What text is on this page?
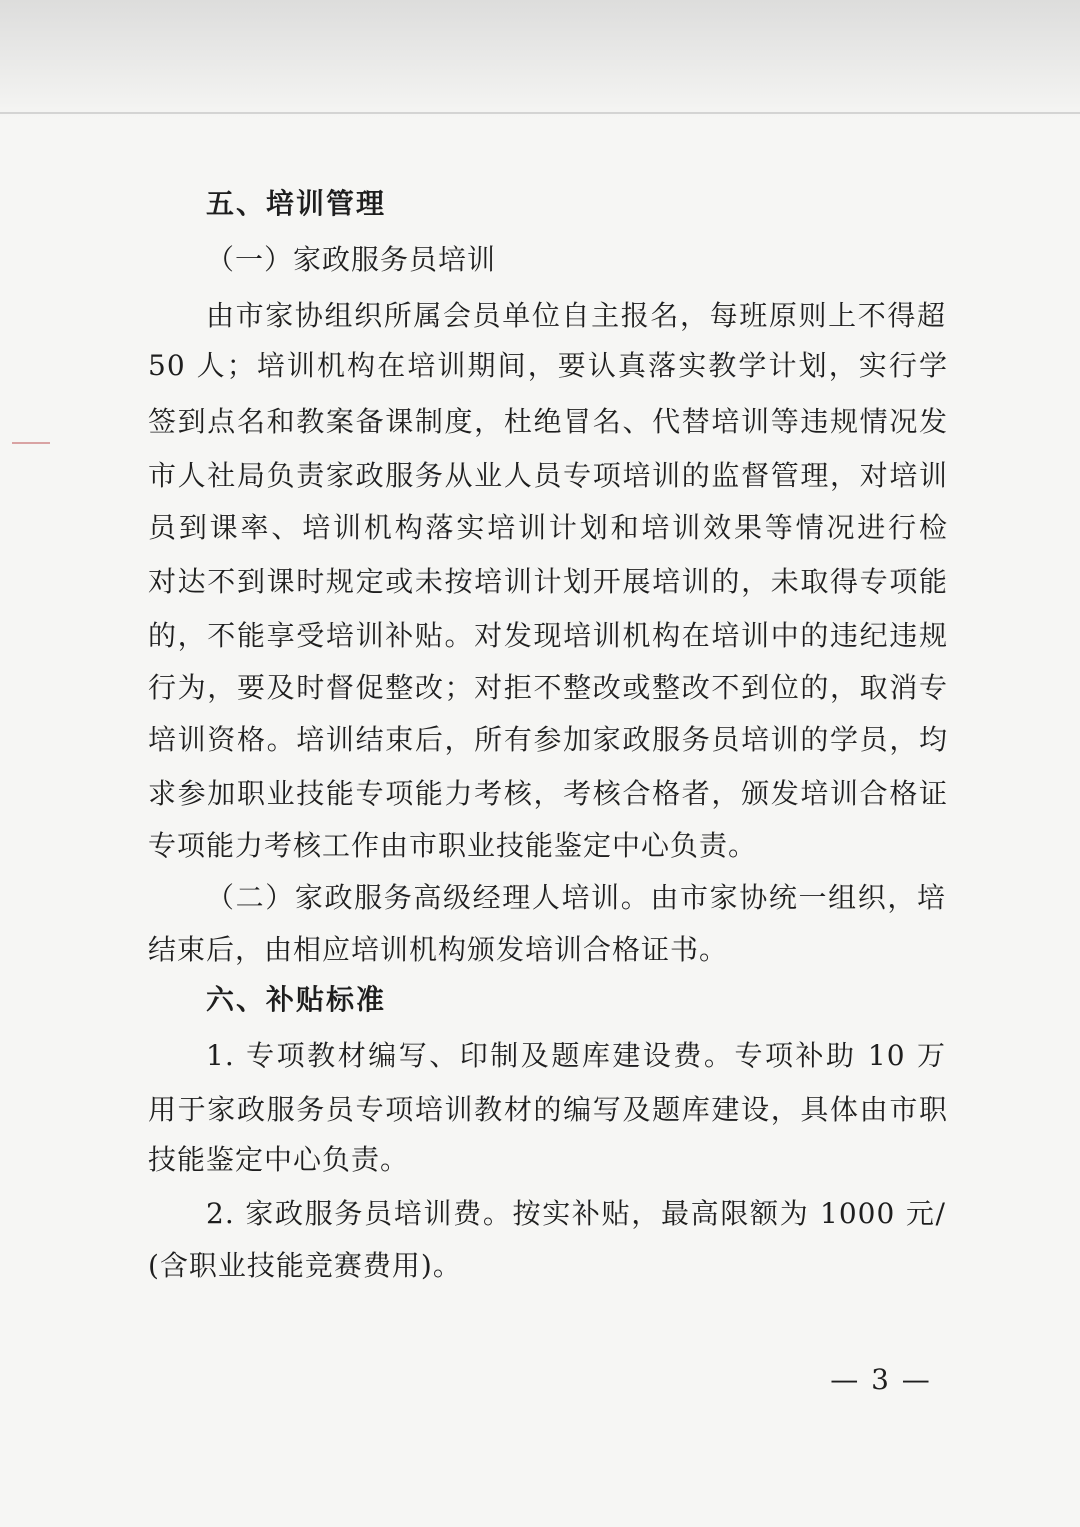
五、培训管理
（一）家政服务员培训
由市家协组织所属会员单位自主报名，每班原则上不得超
50 人；培训机构在培训期间，要认真落实教学计划，实行学
签到点名和教案备课制度，杜绝冒名、代替培训等违规情况发
市人社局负责家政服务从业人员专项培训的监督管理，对培训
员到课率、培训机构落实培训计划和培训效果等情况进行检
对达不到课时规定或未按培训计划开展培训的，未取得专项能
的，不能享受培训补贴。对发现培训机构在培训中的违纪违规
行为，要及时督促整改；对拒不整改或整改不到位的，取消专
培训资格。培训结束后，所有参加家政服务员培训的学员，均
求参加职业技能专项能力考核，考核合格者，颁发培训合格证
专项能力考核工作由市职业技能鉴定中心负责。
（二）家政服务高级经理人培训。由市家协统一组织，培
结束后，由相应培训机构颁发培训合格证书。
六、补贴标准
1. 专项教材编写、印制及题库建设费。专项补助 10 万
用于家政服务员专项培训教材的编写及题库建设，具体由市职
技能鉴定中心负责。
2. 家政服务员培训费。按实补贴，最高限额为 1000 元/
(含职业技能竞赛费用)。
— 3 —
